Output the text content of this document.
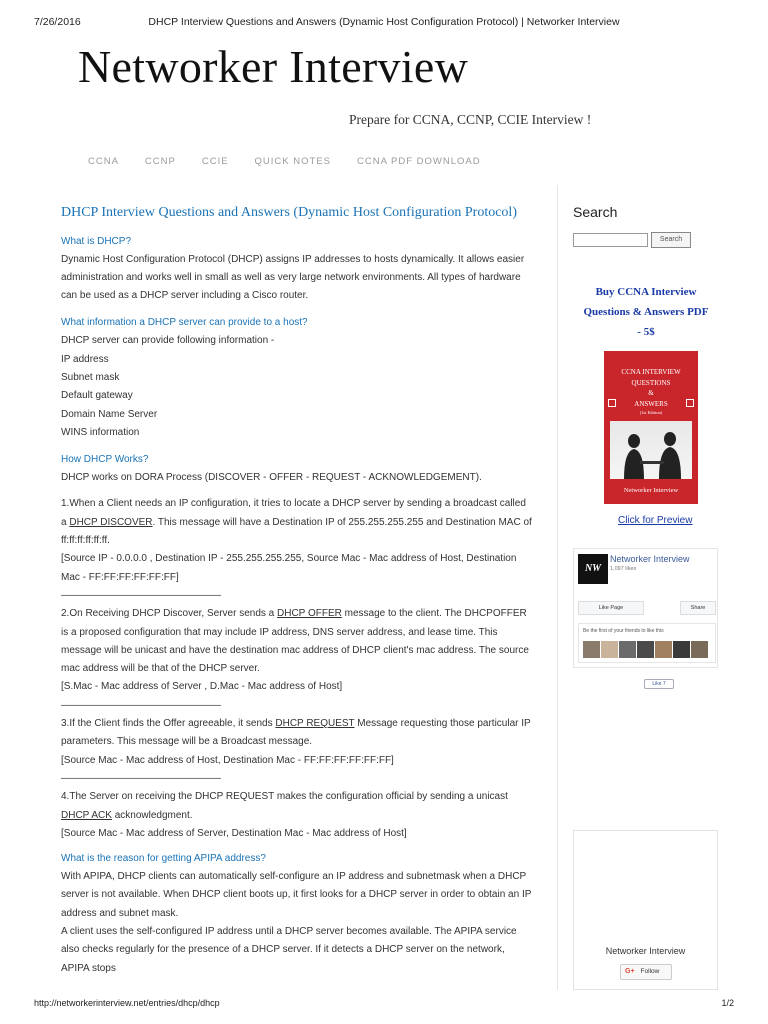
7/26/2016	DHCP Interview Questions and Answers (Dynamic Host Configuration Protocol) | Networker Interview
Networker Interview
Prepare for CCNA, CCNP, CCIE Interview !
CCNA	CCNP	CCIE	QUICK NOTES	CCNA PDF DOWNLOAD
DHCP Interview Questions and Answers (Dynamic Host Configuration Protocol)
What is DHCP?

Dynamic Host Configuration Protocol (DHCP) assigns IP addresses to hosts dynamically. It allows easier administration and works well in small as well as very large network environments. All types of hardware can be used as a DHCP server including a Cisco router.

What information a DHCP server can provide to a host?

DHCP server can provide following information -

IP address

Subnet mask

Default gateway

Domain Name Server

WINS information

How DHCP Works?

DHCP works on DORA Process (DISCOVER - OFFER - REQUEST - ACKNOWLEDGEMENT).

1.When a Client needs an IP configuration, it tries to locate a DHCP server by sending a broadcast called a DHCP DISCOVER. This message will have a Destination IP of 255.255.255.255 and Destination MAC of ff:ff:ff:ff:ff:ff.

[Source IP - 0.0.0.0 , Destination IP - 255.255.255.255, Source Mac - Mac address of Host, Destination Mac - FF:FF:FF:FF:FF:FF]

————————————————

2.On Receiving DHCP Discover, Server sends a DHCP OFFER message to the client. The DHCPOFFER is a proposed configuration that may include IP address, DNS server address, and lease time. This message will be unicast and have the destination mac address of DHCP client's mac address. The source mac address will be that of the DHCP server.

[S.Mac - Mac address of Server , D.Mac - Mac address of Host]

————————————————

3.If the Client finds the Offer agreeable, it sends DHCP REQUEST Message requesting those particular IP parameters. This message will be a Broadcast message.

[Source Mac - Mac address of Host, Destination Mac - FF:FF:FF:FF:FF:FF]

————————————————

4.The Server on receiving the DHCP REQUEST makes the configuration official by sending a unicast DHCP ACK acknowledgment.

[Source Mac - Mac address of Server, Destination Mac - Mac address of Host]

What is the reason for getting APIPA address?

With APIPA, DHCP clients can automatically self-configure an IP address and subnetmask when a DHCP server is not available. When DHCP client boots up, it first looks for a DHCP server in order to obtain an IP address and subnet mask.

A client uses the self-configured IP address until a DHCP server becomes available. The APIPA service also checks regularly for the presence of a DHCP server. If it detects a DHCP server on the network, APIPA stops

Search
Search
Buy CCNA Interview
Questions & Answers PDF
- 5$
CCNA INTERVIEW
QUESTIONS
&
ANSWERS
(1st Edition)
Networker Interview
Click for Preview
NW
Networker Interview
1,097 likes
Like Page	Share
Be the first of your friends to like this
Like 7
Networker Interview
G+ Follow
http://networkerinterview.net/entries/dhcp/dhcp	1/2
